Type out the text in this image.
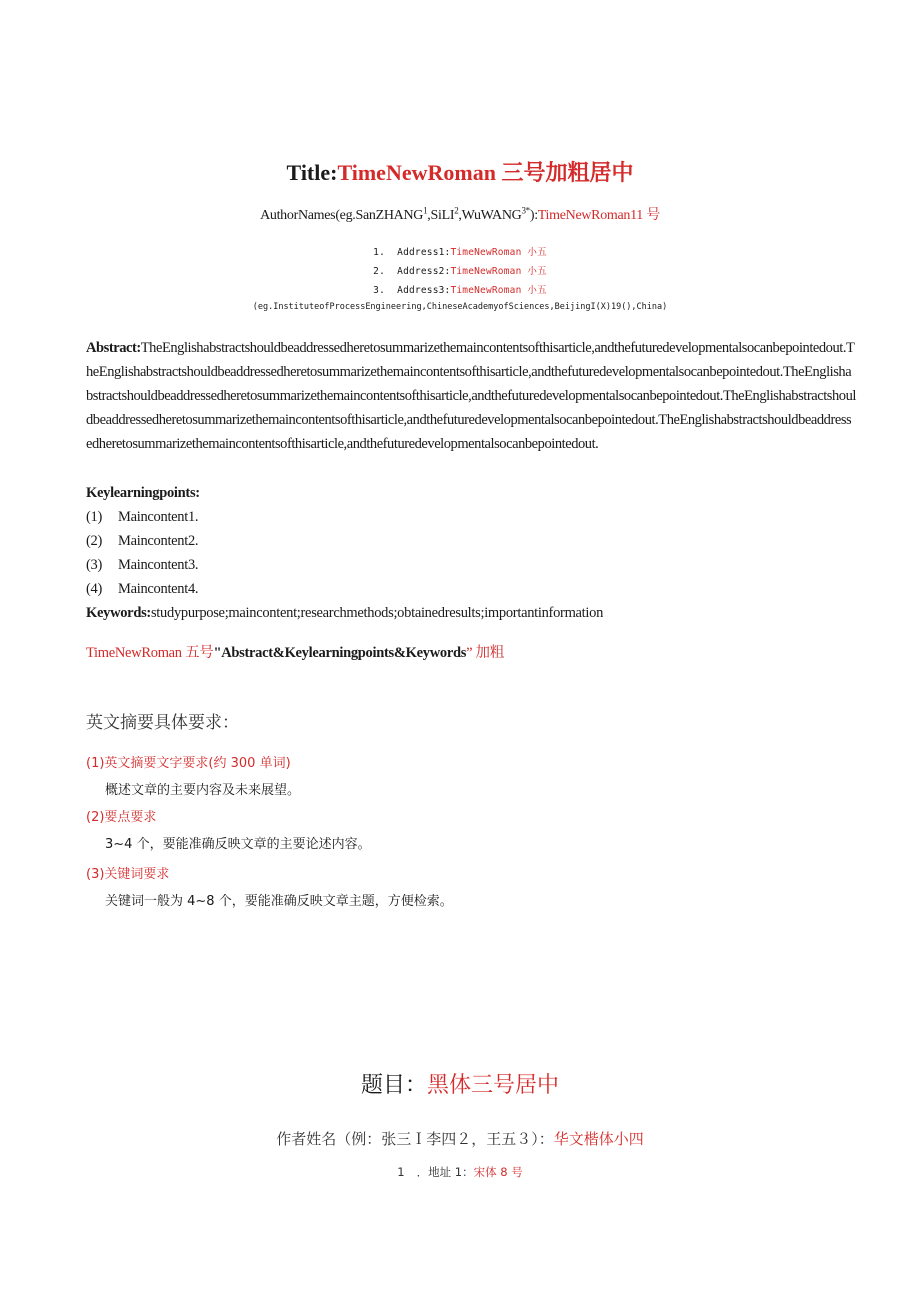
Title:TimeNewRoman 三号加粗居中
AuthorNames(eg.SanZHANG$^1$,SiLI$^2$,WuWANG$^{3*}$):TimeNewRoman11 号
1. Address1:TimeNewRoman 小五
2. Address2:TimeNewRoman 小五
3. Address3:TimeNewRoman 小五
(eg.InstituteofProcessEngineering,ChineseAcademyofSciences,BeijingI(X)19(),China)
Abstract:TheEnglishabstractshouldbeaddressedheretosummarizethemaincontentsofthisarticle,andthefuturedevelopmentalsocanbepointedout.TheEnglishabstractshouldbeaddressedheretosummarizethemaincontentsofthisarticle,andthefuturedevelopmentalsocanbepointedout.TheEnglishabstractshouldbeaddressedheretosummarizethemaincontentsofthisarticle,andthefuturedevelopmentalsocanbepointedout.TheEnglishabstractshouldbeaddressedheretosummarizethemaincontentsofthisarticle,andthefuturedevelopmentalsocanbepointedout.TheEnglishabstractshouldbeaddressedheretosummarizethemaincontentsofthisarticle,andthefuturedevelopmentalsocanbepointedout.
Keylearningpoints:
(1) Maincontent1.
(2) Maincontent2.
(3) Maincontent3.
(4) Maincontent4.
Keywords:studypurpose;maincontent;researchmethods;obtainedresults;importantinformation
TimeNewRoman 五号"Abstract&Keylearningpoints&Keywords” 加粗
英文摘要具体要求：
(1)英文摘要文字要求(约 300 单词)
概述文章的主要内容及未来展望。
(2)要点要求
3~4 个，要能准确反映文章的主要论述内容。
(3)关键词要求
关键词一般为 4~8 个，要能准确反映文章主题，方便检索。
题目：黑体三号居中
作者姓名（例：张三Ｉ李四２，王五３）：华文楷体小四
1 ．地址 1：宋体 8 号
